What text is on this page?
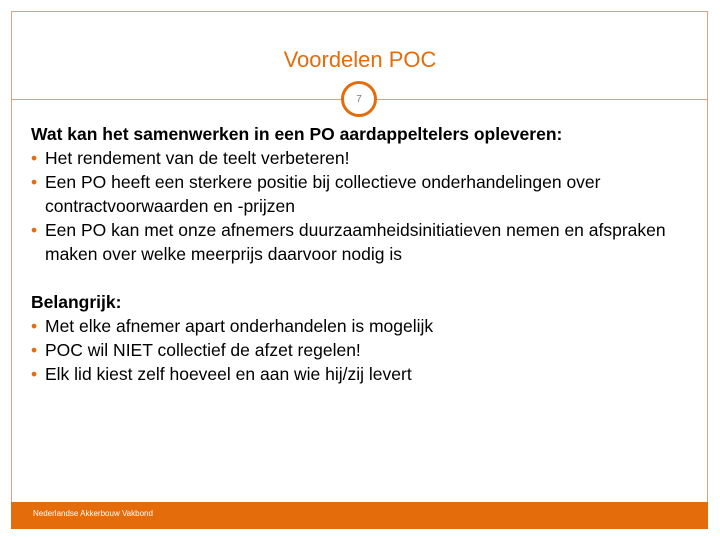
Voordelen POC
7

Wat kan het samenwerken in een PO aardappeltelers opleveren:

• Het rendement van de teelt verbeteren!

• Een PO heeft een sterkere positie bij collectieve onderhandelingen over contractvoorwaarden en -prijzen

• Een PO kan met onze afnemers duurzaamheidsinitiatieven nemen en afspraken maken over welke meerprijs daarvoor nodig is

Belangrijk:

• Met elke afnemer apart onderhandelen is mogelijk

• POC wil NIET collectief de afzet regelen!

• Elk lid kiest zelf hoeveel en aan wie hij/zij levert

Nederlandse Akkerbouw Vakbond
